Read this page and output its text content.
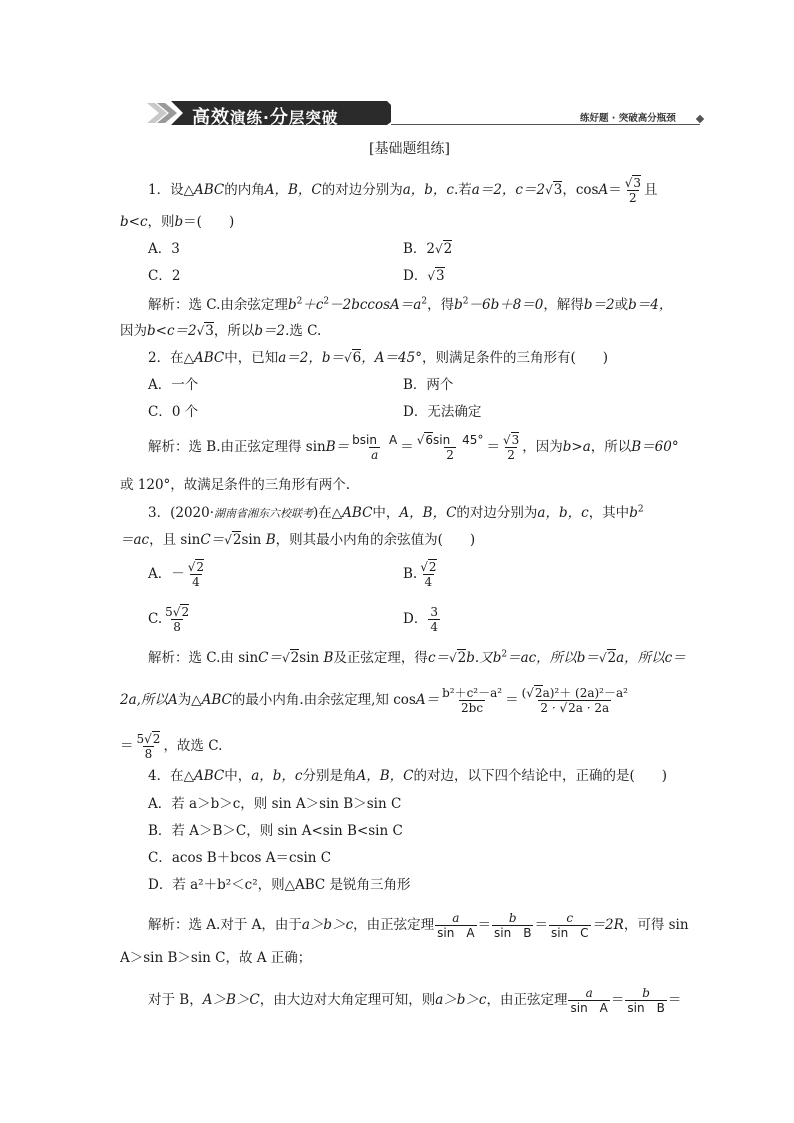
高效演练·分层突破	练好题 · 突破高分瓶颈
[基础题组练]
1．设△ABC的内角A，B，C的对边分别为a，b，c.若a＝2，c＝2√3，$\cos A= \frac{√3}{2}$ 且
b<c，则b＝(　　)
A．3	B．2√2
C．2	D．√3
解析：选 C.由余弦定理$b^2+c^2-2bccosA=a^2$，得$b^2-6b+8=0$，解得b＝2或b＝4，
因为b<c＝2√3，所以b＝2.选 C.
2．在△ABC中，已知a＝2，b＝√6，A＝45°，则满足条件的三角形有(　　)
A．一个	B．两个
C．0 个	D．无法确定
解析：选 B.由正弦定理得 $\sin B= \frac{\text{bsin　A}}{a} = \frac{√6\sin 45^\circ}{2} = \frac{√3}{2}$ ，因为b>a，所以B＝60°
或 120°，故满足条件的三角形有两个.
3．(2020·湖南省湘东六校联考)在△ABC中，A，B，C的对边分别为a，b，c，其中$b^2$
＝ac，且 sinC＝√2sin B，则其最小内角的余弦值为(　　)
A．－ $\frac{√2}{4}$	B. $\frac{√2}{4}$
C. $\frac{5√2}{8}$	D． $\frac{3}{4}$
解析：选 C.由 sinC＝√2sin B及正弦定理，得c＝√2b.又$b^2=ac$，所以b＝√2a，所以c＝
2a,所以A为△ABC的最小内角.由余弦定理,知 $\cos A= \frac{\text{b²＋c²－a²}}{2bc} = \frac{\text{(√2a)²＋ (2a)²－a²}}{2 \cdot √2a \cdot 2a}$
＝ $\frac{5√2}{8}$ ，故选 C.
4．在△ABC中，a，b，c分别是角A，B，C的对边，以下四个结论中，正确的是(　　)
A．若 a＞b＞c，则 sin A＞sin B＞sin C
B．若 A＞B＞C，则 sin A<sin B<sin C
C．acos B＋bcos A＝csin C
D．若 a²＋b²＜c²，则△ABC 是锐角三角形
解析：选 A.对于 A，由于a＞b＞c，由正弦定理 $\frac{a}{\text{sin　A}} = \frac{b}{\text{sin　B}} = \frac{c}{\text{sin　C}} =2R$，可得 sin
A＞sin B＞sin C，故 A 正确；
对于 B，A＞B＞C，由大边对大角定理可知，则a＞b＞c，由正弦定理 $\frac{a}{\text{sin　A}} = \frac{b}{\text{sin　B}}$ ＝
